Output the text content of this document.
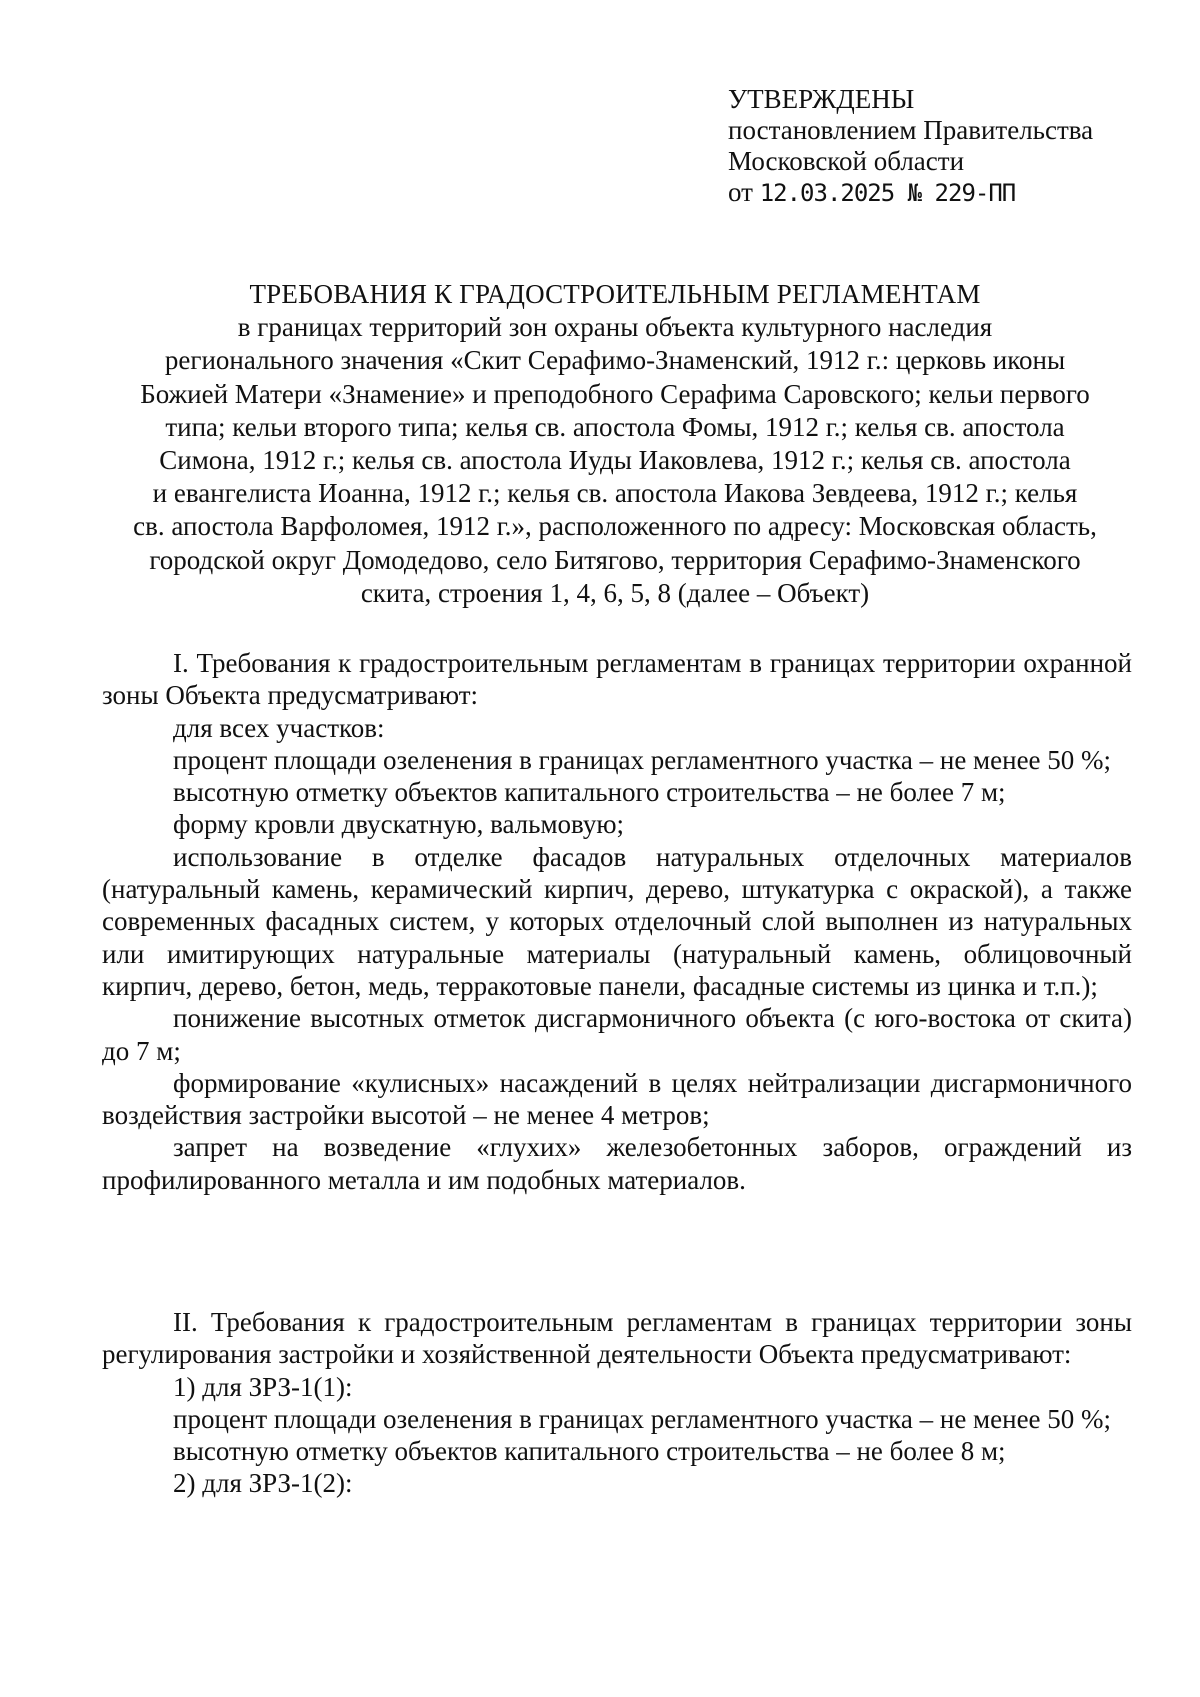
УТВЕРЖДЕНЫ
постановлением Правительства
Московской области
от 12.03.2025 № 229-ПП
ТРЕБОВАНИЯ К ГРАДОСТРОИТЕЛЬНЫМ РЕГЛАМЕНТАМ
в границах территорий зон охраны объекта культурного наследия
регионального значения «Скит Серафимо-Знаменский, 1912 г.: церковь иконы
Божией Матери «Знамение» и преподобного Серафима Саровского; кельи первого
типа; кельи второго типа; келья св. апостола Фомы, 1912 г.; келья св. апостола
Симона, 1912 г.; келья св. апостола Иуды Иаковлева, 1912 г.; келья св. апостола
и евангелиста Иоанна, 1912 г.; келья св. апостола Иакова Зевдеева, 1912 г.; келья
св. апостола Варфоломея, 1912 г.», расположенного по адресу: Московская область,
городской округ Домодедово, село Битягово, территория Серафимо-Знаменского
скита, строения 1, 4, 6, 5, 8 (далее – Объект)

I. Требования к градостроительным регламентам в границах территории охранной зоны Объекта предусматривают:

для всех участков:

процент площади озеленения в границах регламентного участка – не менее 50 %;

высотную отметку объектов капитального строительства – не более 7 м;

форму кровли двускатную, вальмовую;

использование в отделке фасадов натуральных отделочных материалов (натуральный камень, керамический кирпич, дерево, штукатурка с окраской), а также современных фасадных систем, у которых отделочный слой выполнен из натуральных или имитирующих натуральные материалы (натуральный камень, облицовочный кирпич, дерево, бетон, медь, терракотовые панели, фасадные системы из цинка и т.п.);

понижение высотных отметок дисгармоничного объекта (с юго-востока от скита) до 7 м;

формирование «кулисных» насаждений в целях нейтрализации дисгармоничного воздействия застройки высотой – не менее 4 метров;

запрет на возведение «глухих» железобетонных заборов, ограждений из профилированного металла и им подобных материалов.

II. Требования к градостроительным регламентам в границах территории зоны регулирования застройки и хозяйственной деятельности Объекта предусматривают:

1) для ЗРЗ-1(1):

процент площади озеленения в границах регламентного участка – не менее 50 %;

высотную отметку объектов капитального строительства – не более 8 м;

2) для ЗРЗ-1(2):
